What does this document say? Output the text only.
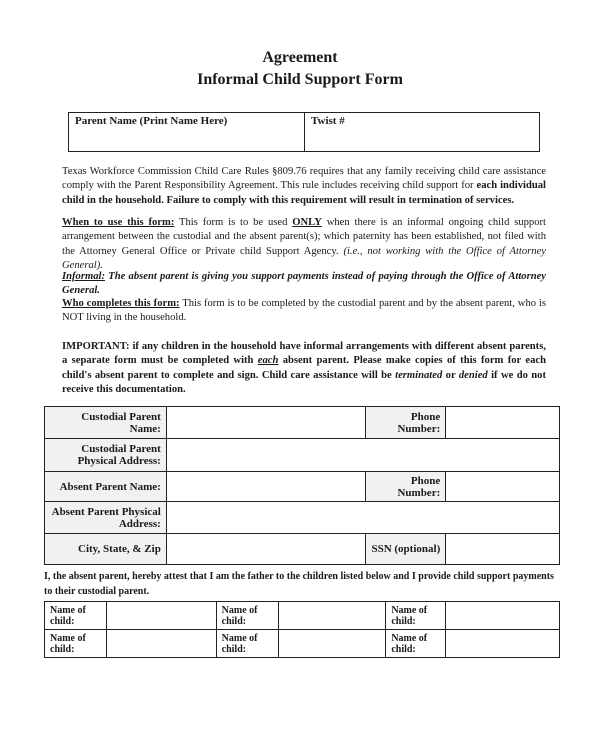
Agreement
Informal Child Support Form
Parent Name (Print Name Here)	Twist #
Texas Workforce Commission Child Care Rules §809.76 requires that any family receiving child care assistance comply with the Parent Responsibility Agreement. This rule includes receiving child support for each individual child in the household. Failure to comply with this requirement will result in termination of services.
When to use this form: This form is to be used ONLY when there is an informal ongoing child support arrangement between the custodial and the absent parent(s); which paternity has been established, not filed with the Attorney General Office or Private child Support Agency. (i.e., not working with the Office of Attorney General).
Informal: The absent parent is giving you support payments instead of paying through the Office of Attorney General.
Who completes this form: This form is to be completed by the custodial parent and by the absent parent, who is NOT living in the household.
IMPORTANT: if any children in the household have informal arrangements with different absent parents, a separate form must be completed with each absent parent. Please make copies of this form for each child's absent parent to complete and sign. Child care assistance will be terminated or denied if we do not receive this documentation.
Custodial Parent Name:		Phone Number:	
Custodial Parent Physical Address:			
Absent Parent Name:		Phone Number:	
Absent Parent Physical Address:			
City, State, & Zip		SSN (optional)	
I, the absent parent, hereby attest that I am the father to the children listed below and I provide child support payments to their custodial parent.
Name of child:		Name of child:		Name of child:	
Name of child:		Name of child:		Name of child:	
